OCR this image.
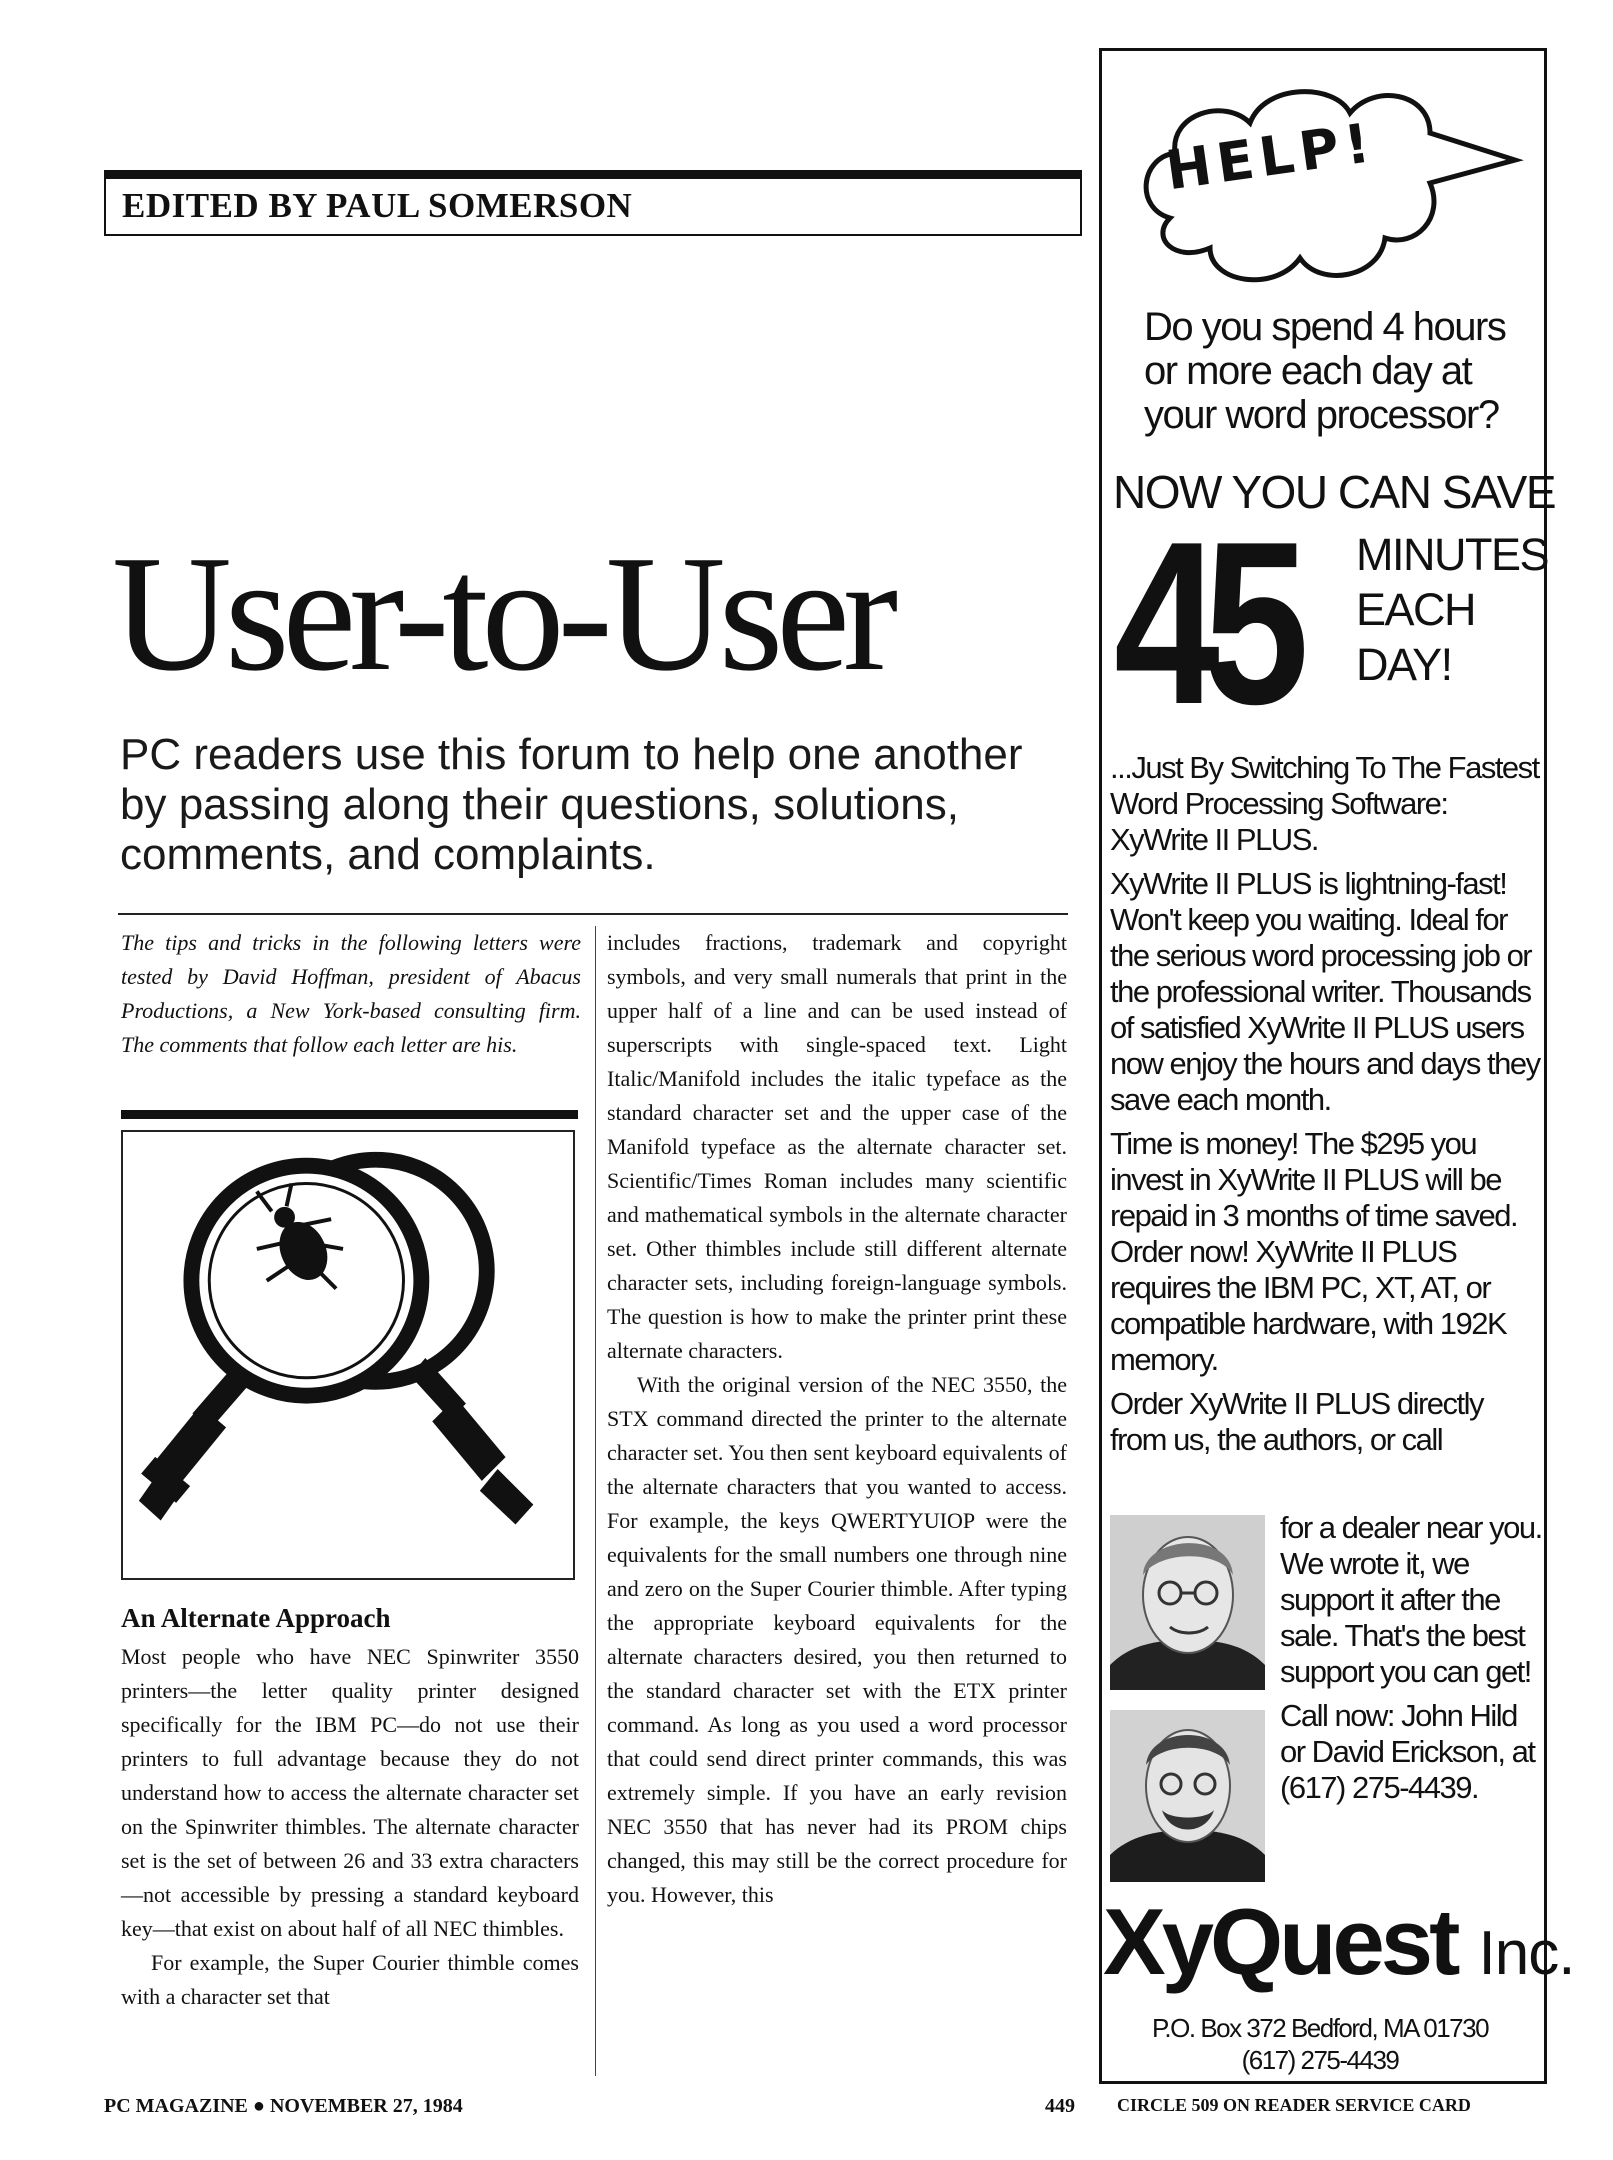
EDITED BY PAUL SOMERSON
User-to-User
PC readers use this forum to help one another by passing along their questions, solutions, comments, and complaints.
The tips and tricks in the following letters were tested by David Hoffman, president of Abacus Productions, a New York-based consulting firm. The comments that follow each letter are his.
An Alternate Approach

Most people who have NEC Spinwriter 3550 printers—the letter quality printer designed specifically for the IBM PC—do not use their printers to full advantage because they do not understand how to access the alternate character set on the Spinwriter thimbles. The alternate character set is the set of between 26 and 33 extra characters—not accessible by pressing a standard keyboard key—that exist on about half of all NEC thimbles.

For example, the Super Courier thimble comes with a character set that

includes fractions, trademark and copyright symbols, and very small numerals that print in the upper half of a line and can be used instead of superscripts with single-spaced text. Light Italic/Manifold includes the italic typeface as the standard character set and the upper case of the Manifold typeface as the alternate character set. Scientific/Times Roman includes many scientific and mathematical symbols in the alternate character set. Other thimbles include still different alternate character sets, including foreign-language symbols. The question is how to make the printer print these alternate characters.

With the original version of the NEC 3550, the STX command directed the printer to the alternate character set. You then sent keyboard equivalents of the alternate characters that you wanted to access. For example, the keys QWERTYUIOP were the equivalents for the small numbers one through nine and zero on the Super Courier thimble. After typing the appropriate keyboard equivalents for the alternate characters desired, you then returned to the standard character set with the ETX printer command. As long as you used a word processor that could send direct printer commands, this was extremely simple. If you have an early revision NEC 3550 that has never had its PROM chips changed, this may still be the correct procedure for you. However, this

PC MAGAZINE ● NOVEMBER 27, 1984	449 CIRCLE 509 ON READER SERVICE CARD
HELP!
Do you spend 4 hours or more each day at your word processor?
NOW YOU CAN SAVE
45 MINUTES
EACH
DAY!

...Just By Switching To The Fastest Word Processing Software: XyWrite II PLUS.

XyWrite II PLUS is lightning-fast! Won't keep you waiting. Ideal for the serious word processing job or the professional writer. Thousands of satisfied XyWrite II PLUS users now enjoy the hours and days they save each month.

Time is money! The $295 you invest in XyWrite II PLUS will be repaid in 3 months of time saved. Order now! XyWrite II PLUS requires the IBM PC, XT, AT, or compatible hardware, with 192K memory.

Order XyWrite II PLUS directly from us, the authors, or call

for a dealer near you. We wrote it, we support it after the sale. That's the best support you can get!

Call now: John Hild or David Erickson, at (617) 275-4439.

XyQuest Inc.
P.O. Box 372 Bedford, MA 01730
(617) 275-4439
